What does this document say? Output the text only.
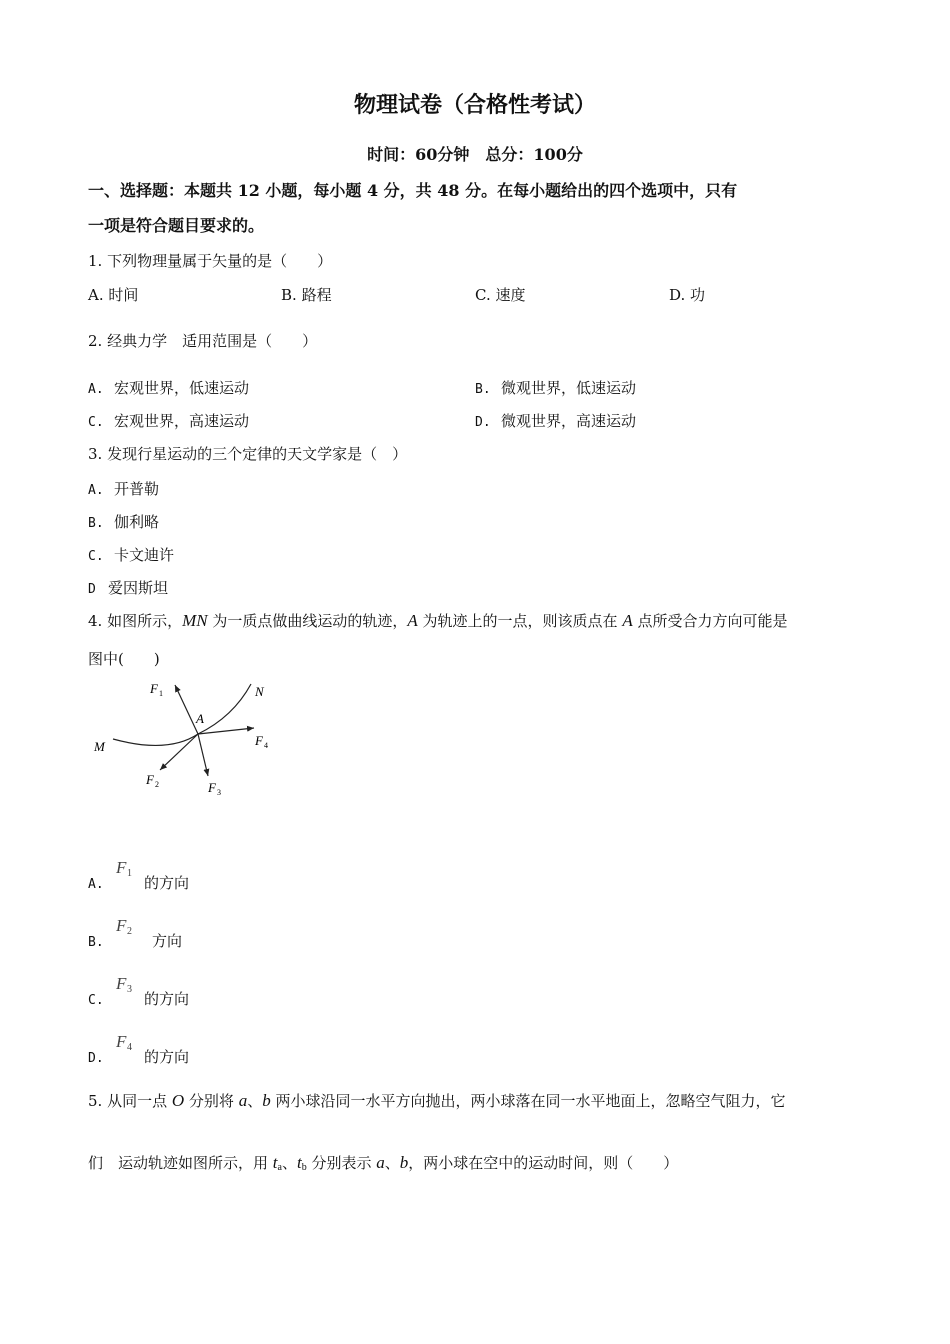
物理试卷（合格性考试）
时间：60分钟　总分：100分
一、选择题：本题共 12 小题，每小题 4 分，共 48 分。在每小题给出的四个选项中，只有
一项是符合题目要求的。
1. 下列物理量属于矢量的是（　　）
A. 时间	B. 路程	C. 速度	D. 功
2. 经典力学　适用范围是（　　）
A. 宏观世界，低速运动	B. 微观世界，低速运动
C. 宏观世界，高速运动	D. 微观世界，高速运动
3. 发现行星运动的三个定律的天文学家是（　）
A. 开普勒
B. 伽利略
C. 卡文迪许
D 爱因斯坦
4. 如图所示，MN 为一质点做曲线运动的轨迹，A 为轨迹上的一点，则该质点在 A 点所受合力方向可能是
图中(　　)
F 1
A
N
M	F 4
F 2	F 3
A.
F 1
的方向
B.
F 2
方向
C.
F 3
的方向
D.
F 4
的方向
5. 从同一点 O 分别将 a、b 两小球沿同一水平方向抛出，两小球落在同一水平地面上，忽略空气阻力，它
们　运动轨迹如图所示，用 $t_a$、$t_b$ 分别表示 a、b，两小球在空中的运动时间，则（　　）
